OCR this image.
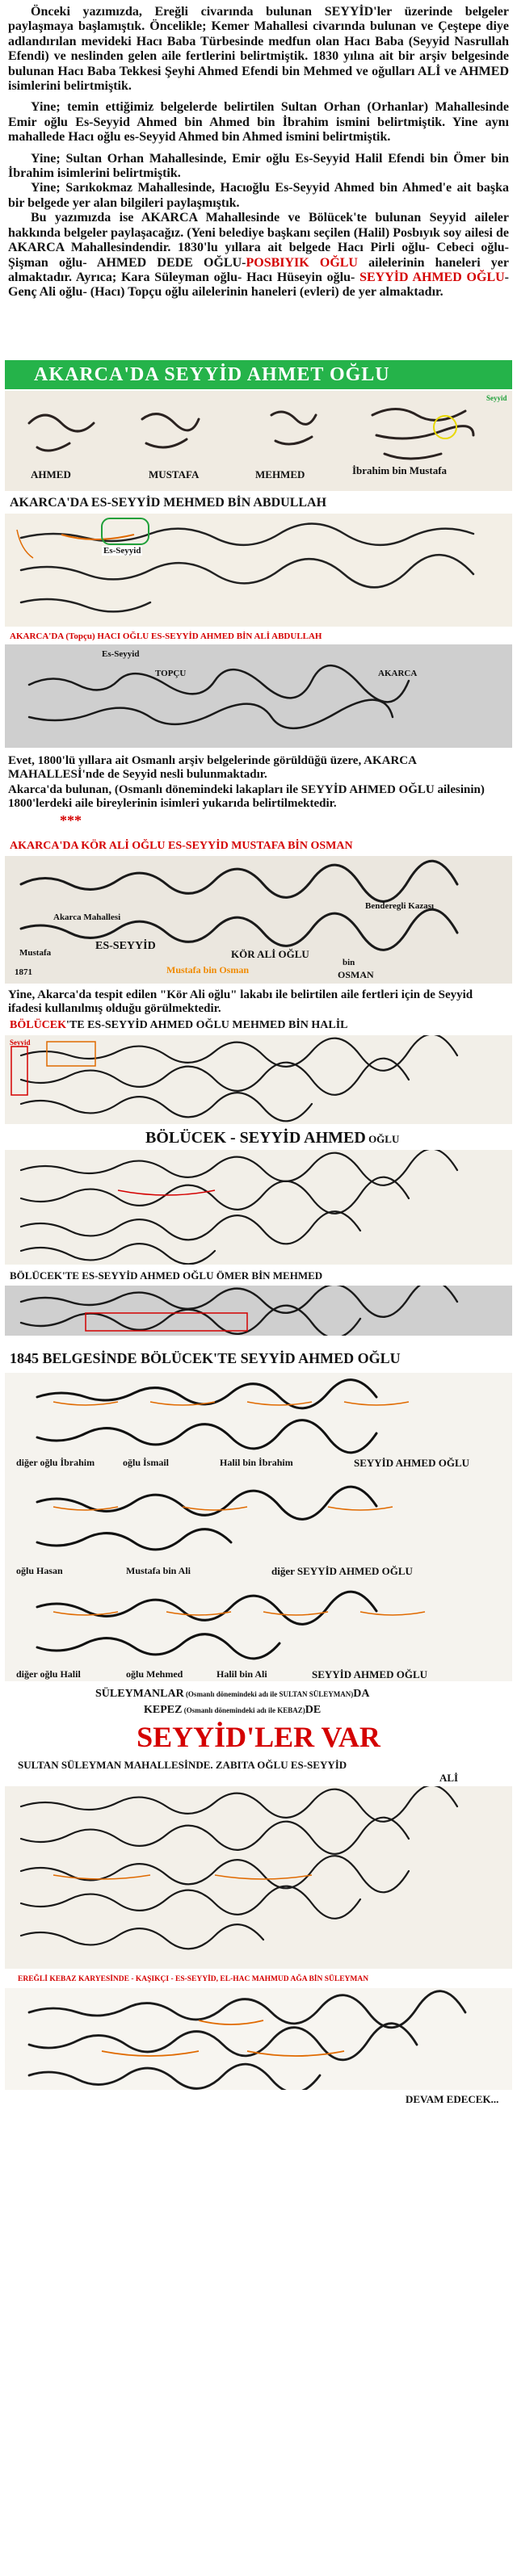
Önceki yazımızda, Ereğli civarında bulunan SEYYİD'ler üzerinde belgeler paylaşmaya başlamıştık. Öncelikle; Kemer Mahallesi civarında bulunan ve Çeştepe diye adlandırılan mevideki Hacı Baba Türbesinde medfun olan Hacı Baba (Seyyid Nasrullah Efendi) ve neslinden gelen aile fertlerini belirtmiştik. 1830 yılına ait bir arşiv belgesinde bulunan Hacı Baba Tekkesi Şeyhi Ahmed Efendi bin Mehmed ve oğulları ALİ ve AHMED isimlerini belirtmiştik.

Yine; temin ettiğimiz belgelerde belirtilen Sultan Orhan (Orhanlar) Mahallesinde Emir oğlu Es-Seyyid Ahmed bin Ahmed bin İbrahim ismini belirtmiştik. Yine aynı mahallede Hacı oğlu es-Seyyid Ahmed bin Ahmed ismini belirtmiştik.

Yine; Sultan Orhan Mahallesinde, Emir oğlu Es-Seyyid Halil Efendi bin Ömer bin İbrahim isimlerini belirtmiştik.

Yine; Sarıkokmaz Mahallesinde, Hacıoğlu Es-Seyyid Ahmed bin Ahmed'e ait başka bir belgede yer alan bilgileri paylaşmıştık.

Bu yazımızda ise AKARCA Mahallesinde ve Bölücek'te bulunan Seyyid aileler hakkında belgeler paylaşacağız. (Yeni belediye başkanı seçilen (Halil) Posbıyık soy ailesi de AKARCA Mahallesindendir. 1830'lu yıllara ait belgede Hacı Pirli oğlu- Cebeci oğlu-Şişman oğlu- AHMED DEDE OĞLU-POSBIYIK OĞLU ailelerinin haneleri yer almaktadır. Ayrıca; Kara Süleyman oğlu- Hacı Hüseyin oğlu- SEYYİD AHMED OĞLU-Genç Ali oğlu- (Hacı) Topçu oğlu ailelerinin haneleri (evleri) de yer almaktadır.

AKARCA'DA SEYYİD AHMET OĞLU
Seyyid
AHMED	MUSTAFA	MEHMED	İbrahim bin Mustafa
AKARCA'DA ES-SEYYİD MEHMED BİN ABDULLAH
Es-Seyyid
AKARCA'DA (Topçu) HACI OĞLU ES-SEYYİD AHMED BİN ALİ ABDULLAH
Es-Seyyid
TOPÇU	AKARCA
Evet, 1800'lü yıllara ait Osmanlı arşiv belgelerinde görüldüğü üzere, AKARCA MAHALLESİ'nde de Seyyid nesli bulunmaktadır.
Akarca'da bulunan, (Osmanlı dönemindeki lakapları ile SEYYİD AHMED OĞLU ailesinin) 1800'lerdeki aile bireylerinin isimleri yukarıda belirtilmektedir.
***
AKARCA'DA KÖR ALİ OĞLU ES-SEYYİD MUSTAFA BİN OSMAN
Akarca Mahallesi
Benderegli Kazası
Mustafa
ES-SEYYİD
KÖR ALİ OĞLU
bin
OSMAN
1871	Mustafa bin Osman
Yine, Akarca'da tespit edilen "Kör Ali oğlu" lakabı ile belirtilen aile fertleri için de Seyyid ifadesi kullanılmış olduğu görülmektedir.
BÖLÜCEK'TE ES-SEYYİD AHMED OĞLU MEHMED BİN HALİL
Seyyid
BÖLÜCEK - SEYYİD AHMED OĞLU
BÖLÜCEK'TE ES-SEYYİD AHMED OĞLU ÖMER BİN MEHMED
1845 BELGESİNDE BÖLÜCEK'TE SEYYİD AHMED OĞLU
diğer oğlu İbrahim	oğlu İsmail	Halil bin İbrahim	SEYYİD AHMED OĞLU
oğlu Hasan	Mustafa bin Ali	diğer SEYYİD AHMED OĞLU
diğer oğlu Halil	oğlu Mehmed	Halil bin Ali	SEYYİD AHMED OĞLU
SÜLEYMANLAR (Osmanlı dönemindeki adı ile SULTAN SÜLEYMAN)DA
KEPEZ (Osmanlı dönemindeki adı ile KEBAZ)DE
SEYYİD'LER VAR
SULTAN SÜLEYMAN MAHALLESİNDE. ZABITA OĞLU ES-SEYYİD
ALİ
EREĞLİ KEBAZ KARYESİNDE - KAŞIKÇI - ES-SEYYİD, EL-HAC MAHMUD AĞA BİN SÜLEYMAN
DEVAM EDECEK...
